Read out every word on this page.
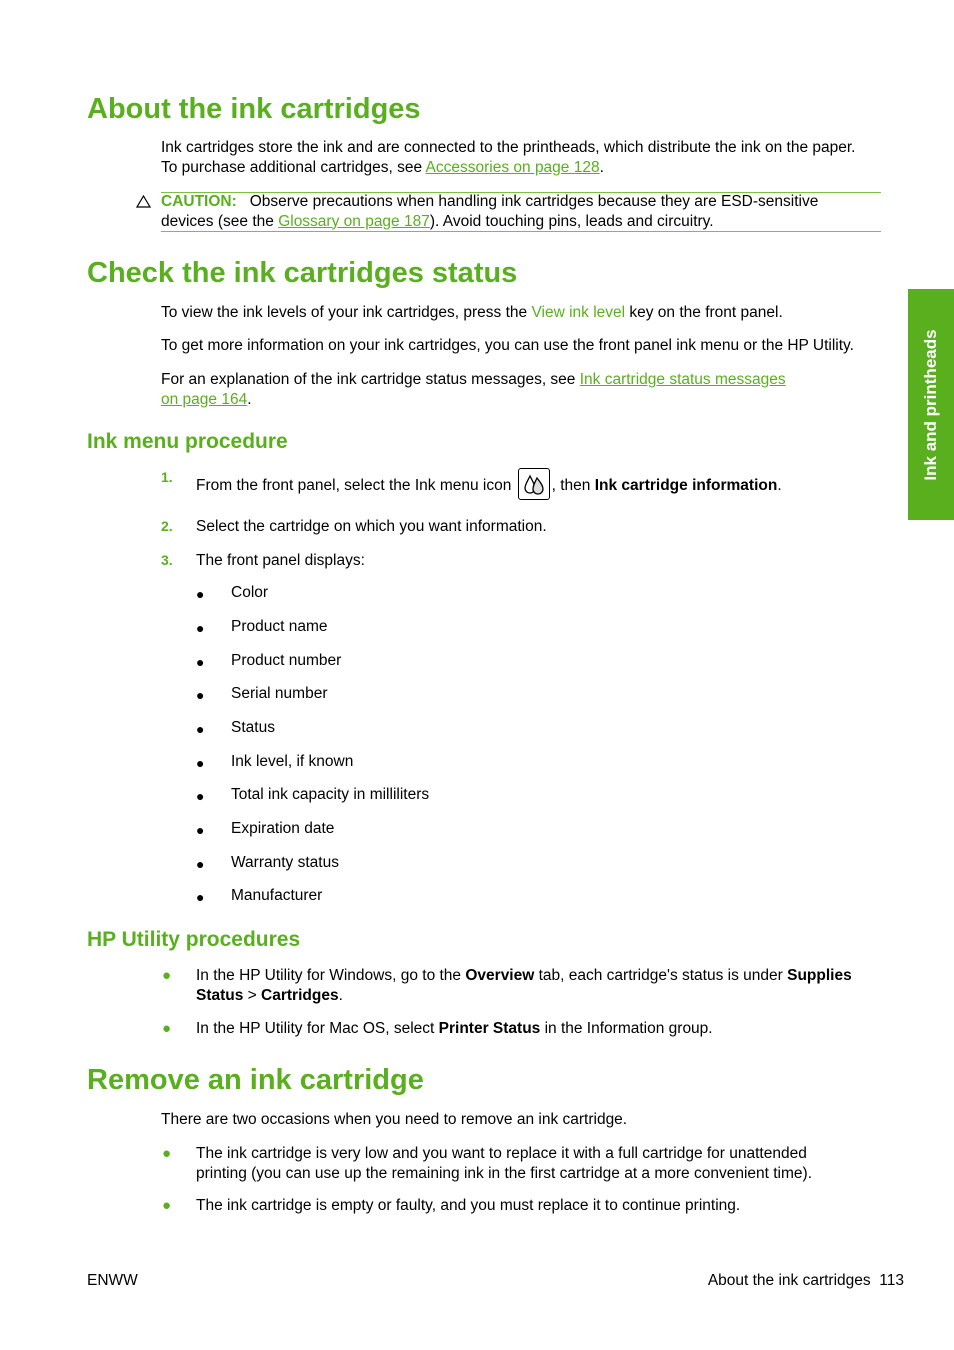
About the ink cartridges

Ink cartridges store the ink and are connected to the printheads, which distribute the ink on the paper.
To purchase additional cartridges, see Accessories on page 128.

CAUTION: Observe precautions when handling ink cartridges because they are ESD-sensitive
devices (see the Glossary on page 187). Avoid touching pins, leads and circuitry.

Check the ink cartridges status

To view the ink levels of your ink cartridges, press the View ink level key on the front panel.

To get more information on your ink cartridges, you can use the front panel ink menu or the HP Utility.

For an explanation of the ink cartridge status messages, see Ink cartridge status messages
on page 164.

Ink menu procedure
1.
From the front panel, select the Ink menu icon , then Ink cartridge information.
2. Select the cartridge on which you want information.
3. The front panel displays:
● Color
● Product name
● Product number
● Serial number
● Status
● Ink level, if known
● Total ink capacity in milliliters
● Expiration date
● Warranty status
● Manufacturer
HP Utility procedures
● In the HP Utility for Windows, go to the Overview tab, each cartridge's status is under Supplies
Status > Cartridges.
● In the HP Utility for Mac OS, select Printer Status in the Information group.
Remove an ink cartridge

There are two occasions when you need to remove an ink cartridge.

● The ink cartridge is very low and you want to replace it with a full cartridge for unattended
printing (you can use up the remaining ink in the first cartridge at a more convenient time).
● The ink cartridge is empty or faulty, and you must replace it to continue printing.
Ink and printheads
ENWW	About the ink cartridges 113
